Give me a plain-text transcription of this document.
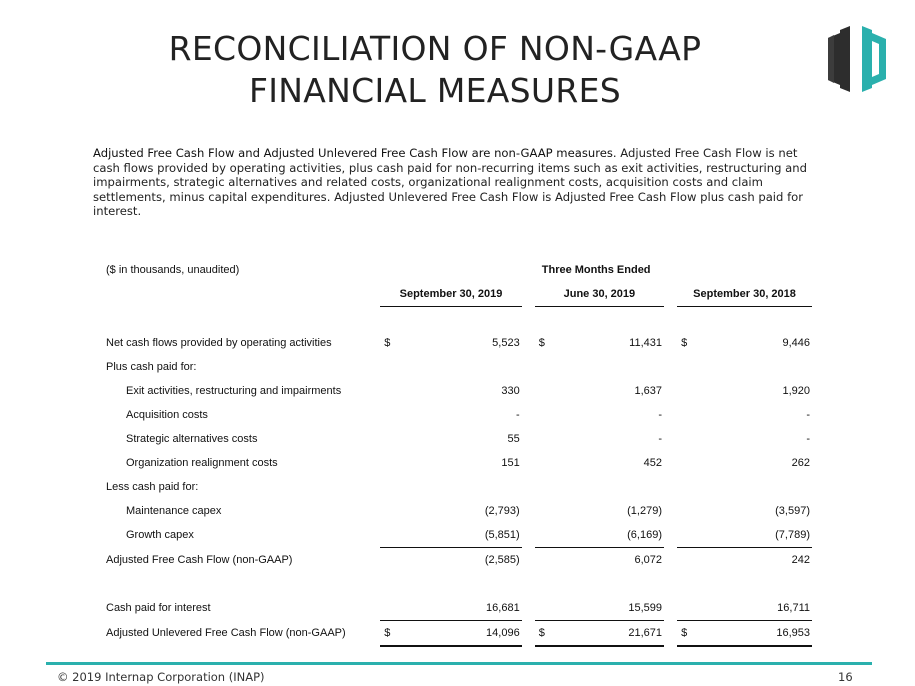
RECONCILIATION OF NON-GAAP
FINANCIAL MEASURES
Adjusted Free Cash Flow and Adjusted Unlevered Free Cash Flow are non-GAAP measures. Adjusted Free Cash Flow is net cash flows provided by operating activities, plus cash paid for non-recurring items such as exit activities, restructuring and impairments, strategic alternatives and related costs, organizational realignment costs, acquisition costs and claim settlements, minus capital expenditures. Adjusted Unlevered Free Cash Flow is Adjusted Free Cash Flow plus cash paid for interest.
($ in thousands, unaudited)		Three Months Ended							
		September 30, 2019			June 30, 2019			September 30, 2018	

Net cash flows provided by operating activities		$	5,523		$	11,431		$	9,446
Plus cash paid for:									
Exit activities, restructuring and impairments			330			1,637			1,920
Acquisition costs			-			-			-
Strategic alternatives costs			55			-			-
Organization realignment costs			151			452			262
Less cash paid for:									
Maintenance capex			(2,793)			(1,279)			(3,597)
Growth capex			(5,851)			(6,169)			(7,789)
Adjusted Free Cash Flow (non-GAAP)			(2,585)			6,072			242

Cash paid for interest			16,681			15,599			16,711
Adjusted Unlevered Free Cash Flow (non-GAAP)		$	14,096		$	21,671		$	16,953
© 2019 Internap Corporation (INAP)	16
